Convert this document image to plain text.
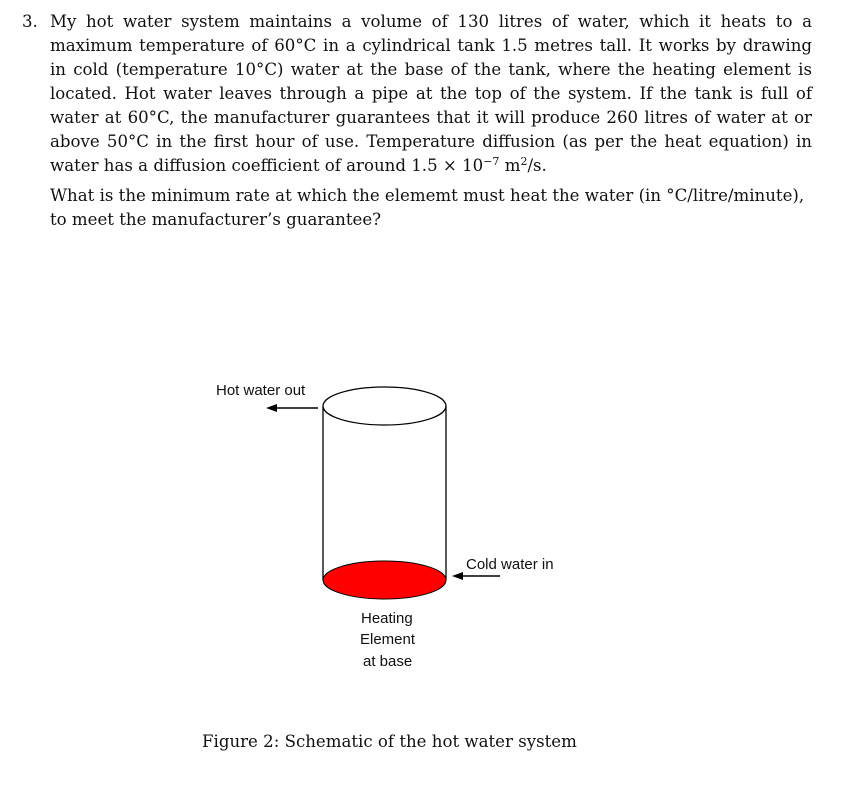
3. My hot water system maintains a volume of 130 litres of water, which it heats to a maximum temperature of 60°C in a cylindrical tank 1.5 metres tall. It works by drawing in cold (temperature 10°C) water at the base of the tank, where the heating element is located. Hot water leaves through a pipe at the top of the system. If the tank is full of water at 60°C, the manufacturer guarantees that it will produce 260 litres of water at or above 50°C in the first hour of use. Temperature diffusion (as per the heat equation) in water has a diffusion coefficient of around $1.5 \times 10^{-7}$ $m^2/s$.

What is the minimum rate at which the elememt must heat the water (in °C/litre/minute), to meet the manufacturer’s guarantee?

Hot water out
Cold water in
Heating
Element
at base
Figure 2: Schematic of the hot water system
